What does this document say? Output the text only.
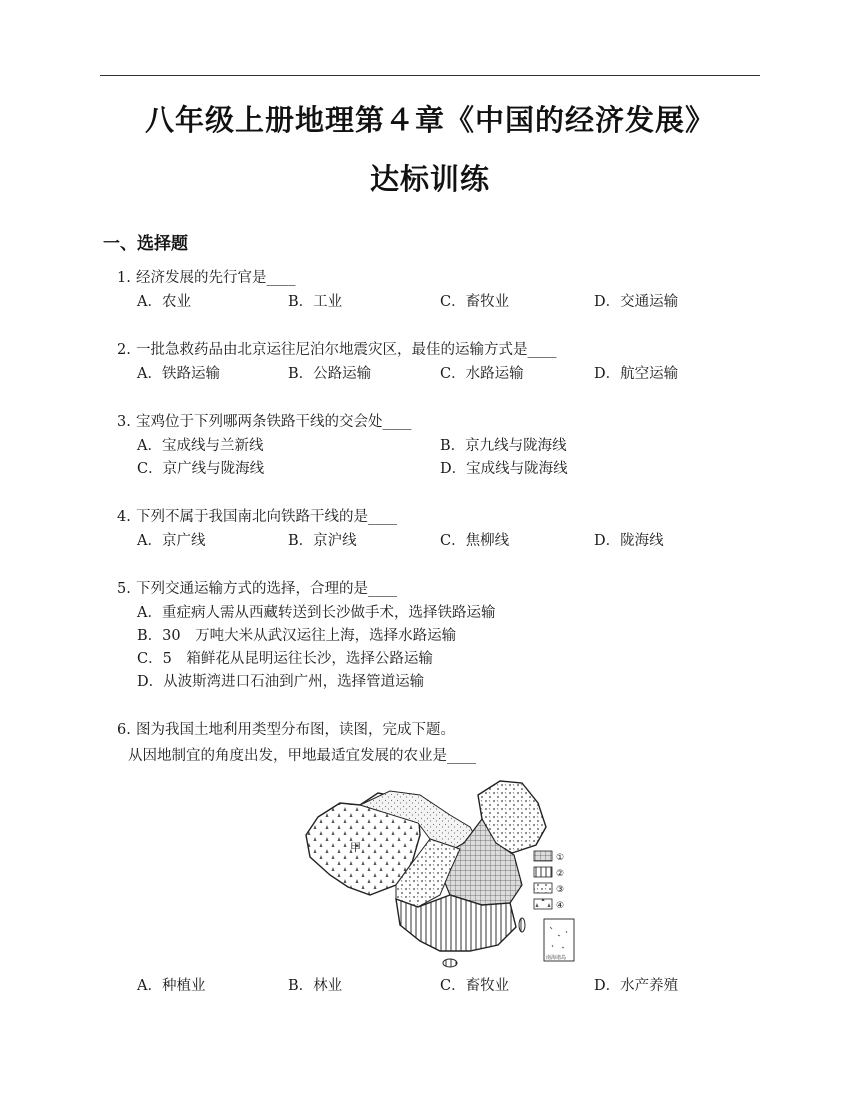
八年级上册地理第４章《中国的经济发展》
达标训练
一、选择题
1. 经济发展的先行官是____
A．农业	B．工业	C．畜牧业	D．交通运输
2. 一批急救药品由北京运往尼泊尔地震灾区，最佳的运输方式是____
A．铁路运输	B．公路运输	C．水路运输	D．航空运输
3. 宝鸡位于下列哪两条铁路干线的交会处____
A．宝成线与兰新线	B．京九线与陇海线
C．京广线与陇海线	D．宝成线与陇海线
4. 下列不属于我国南北向铁路干线的是____
A．京广线	B．京沪线	C．焦柳线	D．陇海线
5. 下列交通运输方式的选择，合理的是____
A．重症病人需从西藏转送到长沙做手术，选择铁路运输
B．30　万吨大米从武汉运往上海，选择水路运输
C．5　箱鲜花从昆明运往长沙，选择公路运输
D．从波斯湾进口石油到广州，选择管道运输
6. 图为我国土地利用类型分布图，读图，完成下题。
从因地制宜的角度出发，甲地最适宜发展的农业是____
甲
①
②
③
④
南海诸岛
A．种植业	B．林业	C．畜牧业	D．水产养殖
